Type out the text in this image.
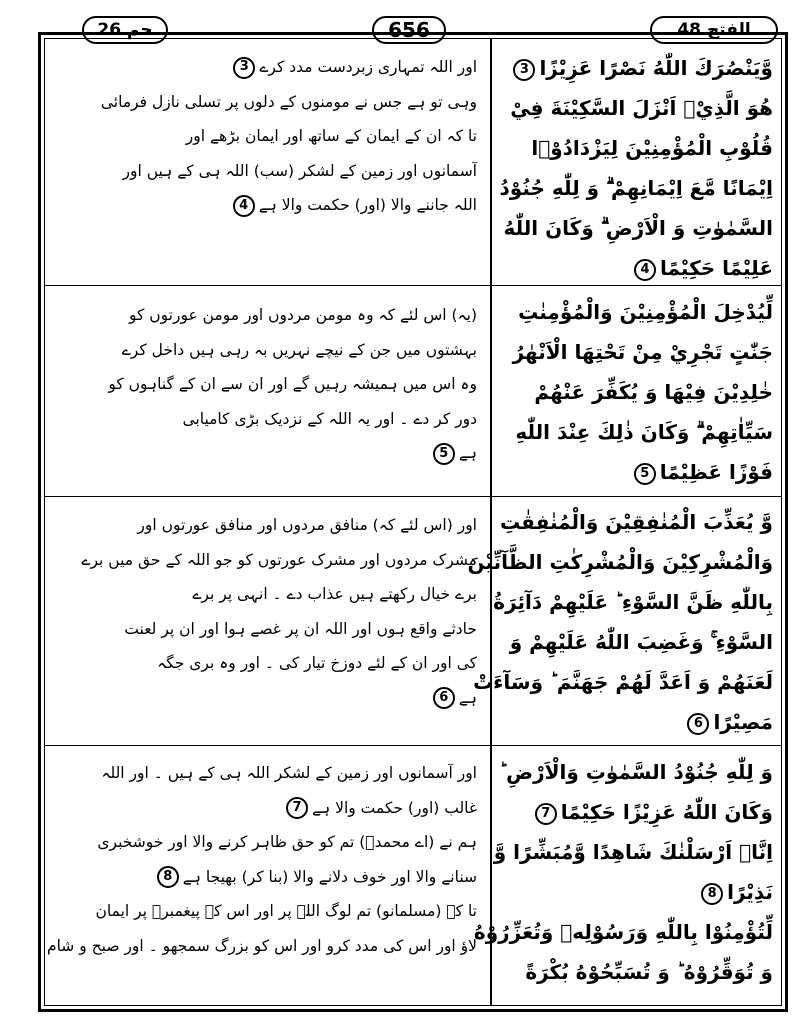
الفتح
48
656
حم
26
وَّيَنْصُرَكَ اللّٰهُ نَصْرًا عَزِيْزًا3
هُوَ الَّذِيْۤ اَنْزَلَ السَّكِيْنَةَ فِيْ
قُلُوْبِ الْمُؤْمِنِيْنَ لِيَزْدَادُوْۤا
اِيْمَانًا مَّعَ اِيْمَانِهِمْ ۗ وَ لِلّٰهِ جُنُوْدُ
السَّمٰوٰتِ وَ الْاَرْضِ ۗ وَكَانَ اللّٰهُ
عَلِيْمًا حَكِيْمًا4
اور اللہ تمہاری زبردست مدد کرے3
وہی تو ہے جس نے مومنوں کے دلوں پر تسلی نازل فرمائی
تا کہ ان کے ایمان کے ساتھ اور ایمان بڑھے اور
آسمانوں اور زمین کے لشکر (سب) اللہ ہی کے ہیں اور
اللہ جاننے والا (اور) حکمت والا ہے4
لِّيُدْخِلَ الْمُؤْمِنِيْنَ وَالْمُؤْمِنٰتِ
جَنّٰتٍ تَجْرِيْ مِنْ تَحْتِهَا الْاَنْهٰرُ
خٰلِدِيْنَ فِيْهَا وَ يُكَفِّرَ عَنْهُمْ
سَيِّاٰتِهِمْ ۗ وَكَانَ ذٰلِكَ عِنْدَ اللّٰهِ
فَوْزًا عَظِيْمًا5
(یہ) اس لئے کہ وہ مومن مردوں اور مومن عورتوں کو
بہشتوں میں جن کے نیچے نہریں بہ رہی ہیں داخل کرے
وہ اس میں ہمیشہ رہیں گے اور ان سے ان کے گناہوں کو
دور کر دے ۔ اور یہ اللہ کے نزدیک بڑی کامیابی
ہے5
وَّ يُعَذِّبَ الْمُنٰفِقِيْنَ وَالْمُنٰفِقٰتِ
وَالْمُشْرِكِيْنَ وَالْمُشْرِكٰتِ الظَّآنِّيْنَ
بِاللّٰهِ ظَنَّ السَّوْءِ ؕ عَلَيْهِمْ دَآئِرَةُ
السَّوْءِ ۚ وَغَضِبَ اللّٰهُ عَلَيْهِمْ وَ
لَعَنَهُمْ وَ اَعَدَّ لَهُمْ جَهَنَّمَ ؕ وَسَآءَتْ
مَصِيْرًا6
اور (اس لئے کہ) منافق مردوں اور منافق عورتوں اور
مشرک مردوں اور مشرک عورتوں کو جو اللہ کے حق میں برے
برے خیال رکھتے ہیں عذاب دے ۔ انہی پر برے
حادثے واقع ہوں اور اللہ ان پر غصے ہوا اور ان پر لعنت
کی اور ان کے لئے دوزخ تیار کی ۔ اور وہ بری جگہ
ہے6
وَ لِلّٰهِ جُنُوْدُ السَّمٰوٰتِ وَالْاَرْضِ ؕ
وَكَانَ اللّٰهُ عَزِيْزًا حَكِيْمًا7
اِنَّاۤ اَرْسَلْنٰكَ شَاهِدًا وَّمُبَشِّرًا وَّ
نَذِيْرًا8
لِّتُؤْمِنُوْا بِاللّٰهِ وَرَسُوْلِهٖ وَتُعَزِّرُوْهُ
وَ تُوَقِّرُوْهُ ؕ وَ تُسَبِّحُوْهُ بُكْرَةً
اور آسمانوں اور زمین کے لشکر اللہ ہی کے ہیں ۔ اور اللہ
غالب (اور) حکمت والا ہے7
ہم نے (اے محمدؐ) تم کو حق ظاہر کرنے والا اور خوشخبری
سنانے والا اور خوف دلانے والا (بنا کر) بھیجا ہے8
تا کہ (مسلمانو) تم لوگ اللہ پر اور اس کے پیغمبرؐ پر ایمان
لاؤ اور اس کی مدد کرو اور اس کو بزرگ سمجھو ۔ اور صبح و شام
